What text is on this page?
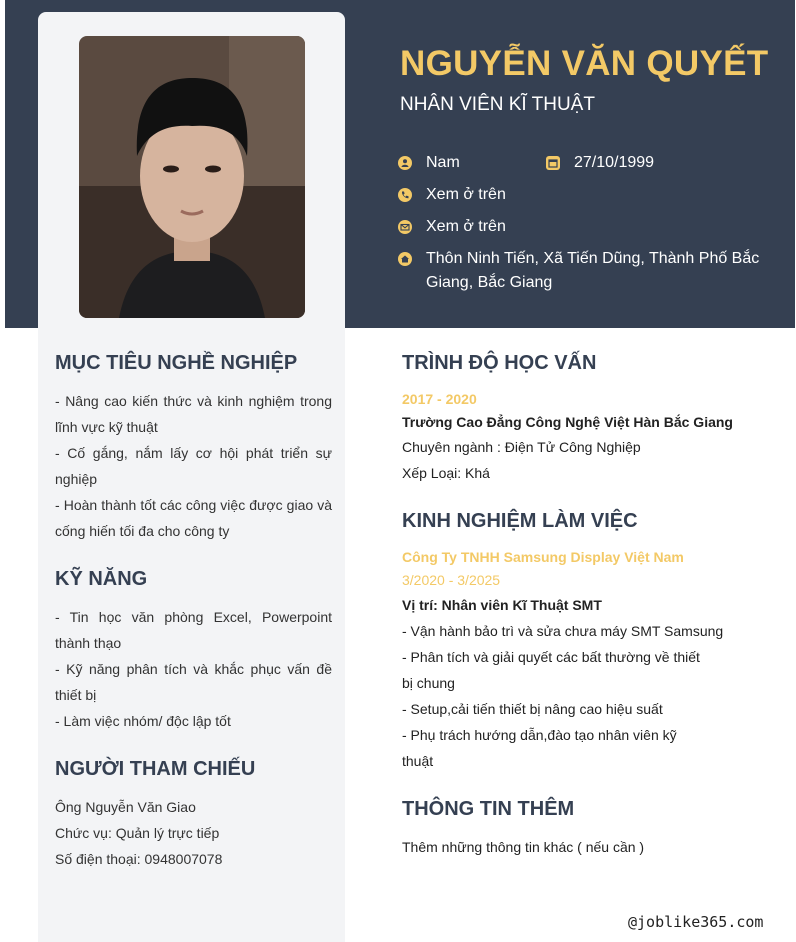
NGUYỄN VĂN QUYẾT
NHÂN VIÊN KĨ THUẬT
Nam	27/10/1999
Xem ở trên
Xem ở trên
Thôn Ninh Tiến, Xã Tiến Dũng, Thành Phố Bắc
Giang, Bắc Giang
MỤC TIÊU NGHỀ NGHIỆP
- Nâng cao kiến thức và kinh nghiệm trong lĩnh vực kỹ thuật
- Cố gắng, nắm lấy cơ hội phát triển sự nghiệp
- Hoàn thành tốt các công việc được giao và cống hiến tối đa cho công ty
KỸ NĂNG
- Tin học văn phòng Excel, Powerpoint thành thạo
- Kỹ năng phân tích và khắc phục vấn đề thiết bị
- Làm việc nhóm/ độc lập tốt
NGƯỜI THAM CHIẾU
Ông Nguyễn Văn Giao
Chức vụ: Quản lý trực tiếp
Số điện thoại: 0948007078
TRÌNH ĐỘ HỌC VẤN
2017 - 2020
Trường Cao Đẳng Công Nghệ Việt Hàn Bắc Giang
Chuyên ngành : Điện Tử Công Nghiệp
Xếp Loại: Khá
KINH NGHIỆM LÀM VIỆC
Công Ty TNHH Samsung Display Việt Nam
3/2020 - 3/2025
Vị trí: Nhân viên Kĩ Thuật SMT
- Vận hành bảo trì và sửa chưa máy SMT Samsung
- Phân tích và giải quyết các bất thường về thiết
bị chung
- Setup,cải tiến thiết bị nâng cao hiệu suất
- Phụ trách hướng dẫn,đào tạo nhân viên kỹ
thuật
THÔNG TIN THÊM
Thêm những thông tin khác ( nếu cần )
@joblike365.com
